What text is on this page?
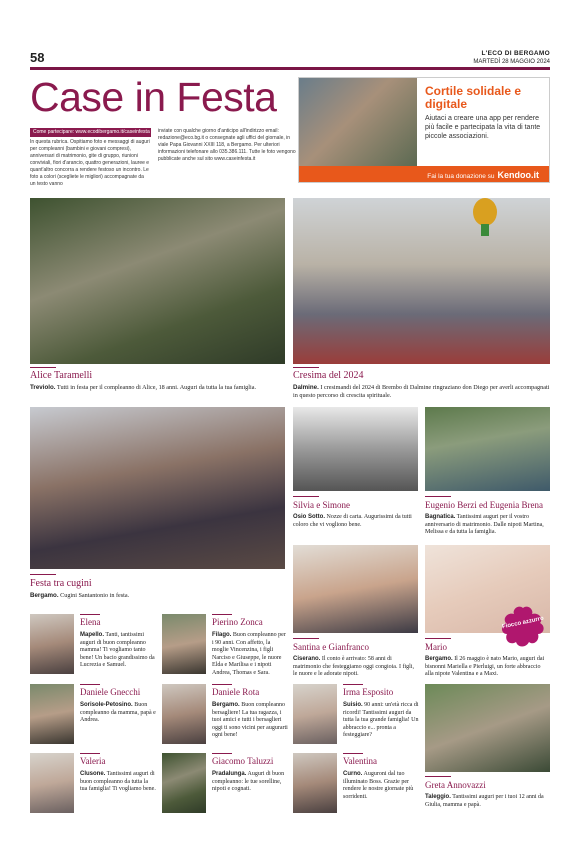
58	L'ECO DI BERGAMO
MARTEDÌ 28 MAGGIO 2024
Case in Festa
Come partecipare: www.ecodibergamo.it/caseinfesta
In questa rubrica. Ospitiamo foto e messaggi di auguri per compleanni (bambini e giovani compresi), anniversari di matrimonio, gite di gruppo, riunioni conviviali, fiori d'arancio, quattro generazioni, lauree e quant'altro concorra a rendere festoso un incontro. Le foto a colori (scegliete le migliori) accompagnate da un testo vanno
inviate con qualche giorno d'anticipo all'indirizzo email: redazione@eco.bg.it o consegnate agli uffici del giornale, in viale Papa Giovanni XXIII 118, a Bergamo. Per ulteriori informazioni telefonare allo 035.386.111. Tutte le foto vengono pubblicate anche sul sito www.caseinfesta.it
Cortile solidale e digitale
Aiutaci a creare una app per rendere più facile e partecipata la vita di tante piccole associazioni.
Fai la tua donazione su Kendoo.it
Alice Taramelli
Treviolo. Tutti in festa per il compleanno di Alice, 18 anni. Auguri da tutta la tua famiglia.
Cresima del 2024
Dalmine. I cresimandi del 2024 di Brembo di Dalmine ringraziano don Diego per averli accompagnati in questo percorso di crescita spirituale.
Silvia e Simone
Osio Sotto. Nozze di carta. Augurissimi da tutti coloro che vi vogliono bene.
Eugenio Berzi ed Eugenia Brena
Bagnatica. Tantissimi auguri per il vostro anniversario di matrimonio. Dalle nipoti Martina, Melissa e da tutta la famiglia.
Festa tra cugini
Bergamo. Cugini Santantonio in festa.
Fiocco azzurro
Santina e Gianfranco
Ciserano. Il conto è arrivato: 58 anni di matrimonio che festeggiamo oggi congioia. I figli, le nuore e le adorate nipoti.
Mario
Bergamo. Il 26 maggio è nato Mario, auguri dai bisnonni Mariella e Pierluigi, un forte abbraccio alla nipote Valentina e a Maxi.
Elena
Mapello. Tanti, tantissimi auguri di buon compleanno mamma! Ti vogliamo tanto bene! Un bacio grandissimo da Lucrezia e Samuel.
Daniele Gnecchi
Sorisole-Petosino. Buon compleanno da mamma, papà e Andrea.
Valeria
Clusone. Tantissimi auguri di buon compleanno da tutta la tua famiglia! Ti vogliamo bene.
Pierino Zonca
Filago. Buon compleanno per i 90 anni. Con affetto, la moglie Vincenzina, i figli Narciso e Giuseppe, le nuore Elda e Marilisa e i nipoti Andrea, Thomas e Sara.
Daniele Rota
Bergamo. Buon compleanno bersagliere! La tua ragazza, i tuoi amici e tutti i bersaglieri oggi ti sono vicini per augurarti ogni bene!
Giacomo Taluzzi
Pradalunga. Auguri di buon compleanno: le tue sorelline, nipoti e cognati.
Irma Esposito
Suisio. 90 anni: un'età ricca di ricordi! Tantissimi auguri da tutta la tua grande famiglia! Un abbraccio e... pronta a festeggiare?
Valentina
Curno. Auguroni dal tuo illuminato Boss. Grazie per rendere le nostre giornate più sorridenti.
Greta Annovazzi
Taleggio. Tantissimi auguri per i tuoi 12 anni da Giulia, mamma e papà.
